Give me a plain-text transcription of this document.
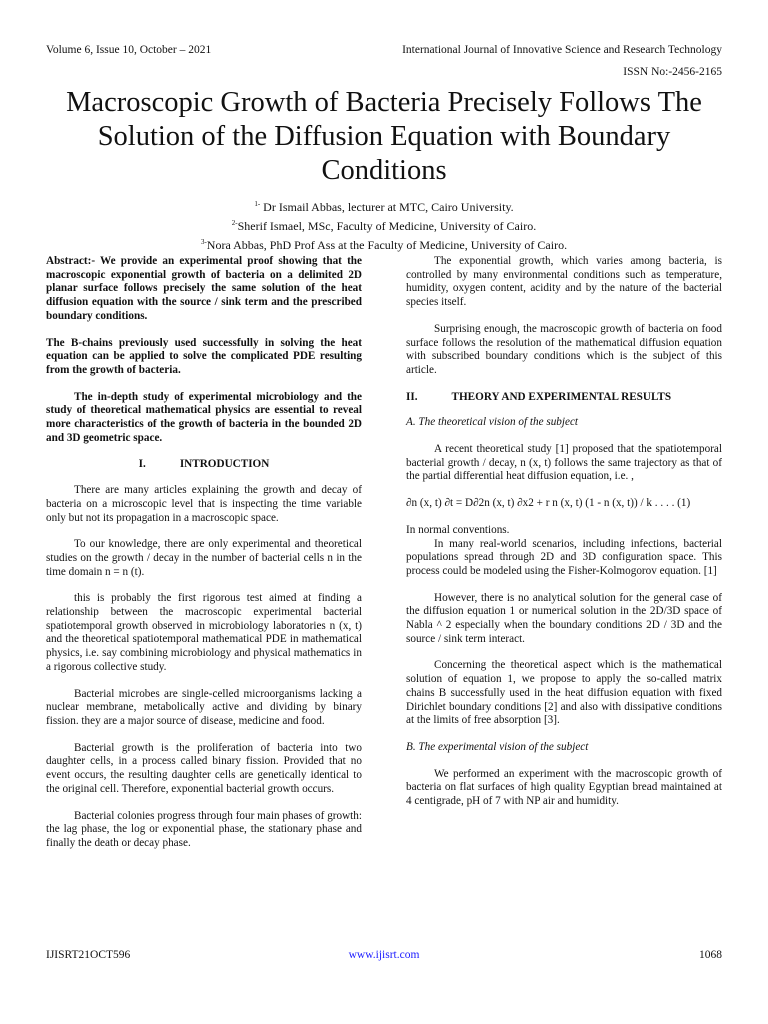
Volume 6, Issue 10, October – 2021	International Journal of Innovative Science and Research Technology
ISSN No:-2456-2165
Macroscopic Growth of Bacteria Precisely Follows The Solution of the Diffusion Equation with Boundary Conditions
$^{1-}$ Dr Ismail Abbas, lecturer at MTC, Cairo University.
$^{2-}$Sherif Ismael, MSc, Faculty of Medicine, University of Cairo.
$^{3-}$Nora Abbas, PhD Prof Ass at the Faculty of Medicine, University of Cairo.

Abstract:- We provide an experimental proof showing that the macroscopic exponential growth of bacteria on a delimited 2D planar surface follows precisely the same solution of the heat diffusion equation with the source / sink term and the prescribed boundary conditions.

The B-chains previously used successfully in solving the heat equation can be applied to solve the complicated PDE resulting from the growth of bacteria.

The in-depth study of experimental microbiology and the study of theoretical mathematical physics are essential to reveal more characteristics of the growth of bacteria in the bounded 2D and 3D geometric space.

I.	INTRODUCTION

There are many articles explaining the growth and decay of bacteria on a microscopic level that is inspecting the time variable only but not its propagation in a macroscopic space.

To our knowledge, there are only experimental and theoretical studies on the growth / decay in the number of bacterial cells n in the time domain n = n (t).

this is probably the first rigorous test aimed at finding a relationship between the macroscopic experimental bacterial spatiotemporal growth observed in microbiology laboratories n (x, t) and the theoretical spatiotemporal mathematical PDE in mathematical physics, i.e. say combining microbiology and physical mathematics in a rigorous collective study.

Bacterial microbes are single-celled microorganisms lacking a nuclear membrane, metabolically active and dividing by binary fission. they are a major source of disease, medicine and food.

Bacterial growth is the proliferation of bacteria into two daughter cells, in a process called binary fission. Provided that no event occurs, the resulting daughter cells are genetically identical to the original cell. Therefore, exponential bacterial growth occurs.

Bacterial colonies progress through four main phases of growth: the lag phase, the log or exponential phase, the stationary phase and finally the death or decay phase.

The exponential growth, which varies among bacteria, is controlled by many environmental conditions such as temperature, humidity, oxygen content, acidity and by the nature of the bacterial species itself.

Surprising enough, the macroscopic growth of bacteria on food surface follows the resolution of the mathematical diffusion equation with subscribed boundary conditions which is the subject of this article.

II.	THEORY AND EXPERIMENTAL RESULTS

A. The theoretical vision of the subject

A recent theoretical study [1] proposed that the spatiotemporal bacterial growth / decay, n (x, t) follows the same trajectory as that of the partial differential heat diffusion equation, i.e. ,

∂n (x, t) ∂t = D∂2n (x, t) ∂x2 + r n (x, t) (1 - n (x, t)) / k . . . . (1)

In normal conventions.

In many real-world scenarios, including infections, bacterial populations spread through 2D and 3D configuration space. This process could be modeled using the Fisher-Kolmogorov equation. [1]

However, there is no analytical solution for the general case of the diffusion equation 1 or numerical solution in the 2D/3D space of Nabla ^ 2 especially when the boundary conditions 2D / 3D and the source / sink term interact.

Concerning the theoretical aspect which is the mathematical solution of equation 1, we propose to apply the so-called matrix chains B successfully used in the heat diffusion equation with fixed Dirichlet boundary conditions [2] and also with dissipative conditions at the limits of free absorption [3].

B. The experimental vision of the subject

We performed an experiment with the macroscopic growth of bacteria on flat surfaces of high quality Egyptian bread maintained at 4 centigrade, pH of 7 with NP air and humidity.

IJISRT21OCT596	www.ijisrt.com	1068
